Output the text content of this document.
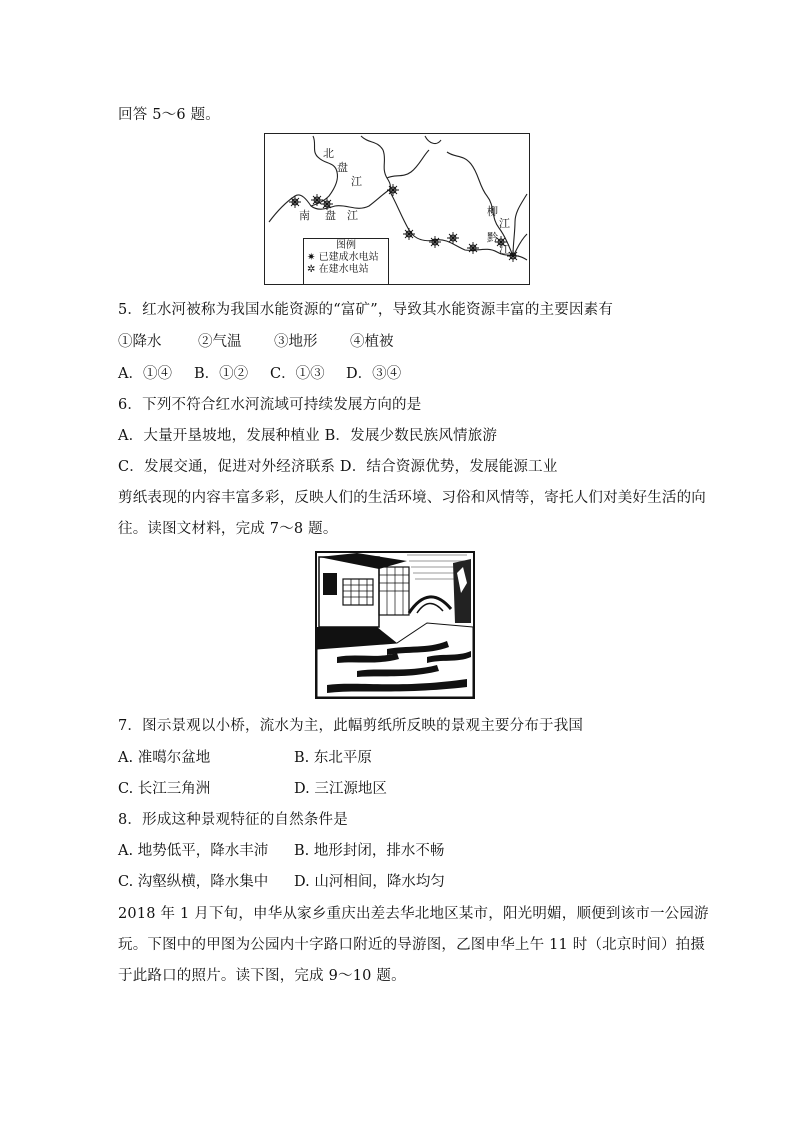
回答 5～6 题。
北
盘
江
南 盘 江	柳
江
黔
江
图例
✷ 已建成水电站
✲ 在建水电站
5．红水河被称为我国水能资源的“富矿”，导致其水能资源丰富的主要因素有
①降水	②气温 ③地形 ④植被
A．①④ B．①② C．①③ D．③④
6．下列不符合红水河流域可持续发展方向的是
A．大量开垦坡地，发展种植业 B．发展少数民族风情旅游
C．发展交通，促进对外经济联系 D．结合资源优势，发展能源工业
剪纸表现的内容丰富多彩，反映人们的生活环境、习俗和风情等，寄托人们对美好生活的向
往。读图文材料，完成 7～8 题。
7．图示景观以小桥，流水为主，此幅剪纸所反映的景观主要分布于我国
A. 准噶尔盆地	B. 东北平原
C. 长江三角洲	D. 三江源地区
8．形成这种景观特征的自然条件是
A. 地势低平，降水丰沛 B. 地形封闭，排水不畅
C. 沟壑纵横，降水集中 D. 山河相间，降水均匀
2018 年 1 月下旬，申华从家乡重庆出差去华北地区某市，阳光明媚，顺便到该市一公园游
玩。下图中的甲图为公园内十字路口附近的导游图，乙图申华上午 11 时（北京时间）拍摄
于此路口的照片。读下图，完成 9～10 题。
